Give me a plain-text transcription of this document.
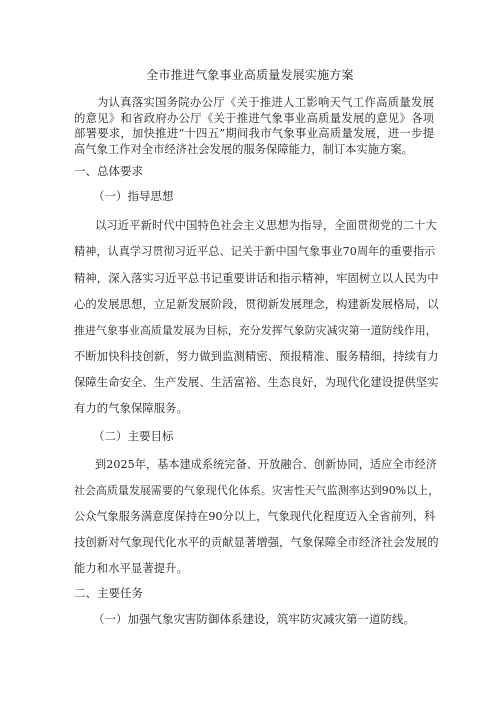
全市推进气象事业高质量发展实施方案
为认真落实国务院办公厅《关于推进人工影响天气工作高质量发展的意见》和省政府办公厅《关于推进气象事业高质量发展的意见》各项部署要求，加快推进“十四五”期间我市气象事业高质量发展，进一步提高气象工作对全市经济社会发展的服务保障能力，制订本实施方案。
一、总体要求
（一）指导思想
以习近平新时代中国特色社会主义思想为指导，全面贯彻党的二十大
精神，认真学习贯彻习近平总、记关于新中国气象事业70周年的重要指示
精神，深入落实习近平总书记重要讲话和指示精神，牢固树立以人民为中
心的发展思想，立足新发展阶段，贯彻新发展理念，构建新发展格局，以
推进气象事业高质量发展为目标，充分发挥气象防灾减灾第一道防线作用，
不断加快科技创新，努力做到监测精密、预报精准、服务精细，持续有力
保障生命安全、生产发展、生活富裕、生态良好，为现代化建设提供坚实
有力的气象保障服务。
（二）主要目标
到2025年，基本建成系统完备、开放融合、创新协同，适应全市经济
社会高质量发展需要的气象现代化体系。灾害性天气监测率达到90%以上，
公众气象服务满意度保持在90分以上，气象现代化程度迈入全省前列，科
技创新对气象现代化水平的贡献显著增强，气象保障全市经济社会发展的
能力和水平显著提升。
二、主要任务
（一）加强气象灾害防御体系建设，筑牢防灾减灾第一道防线。
